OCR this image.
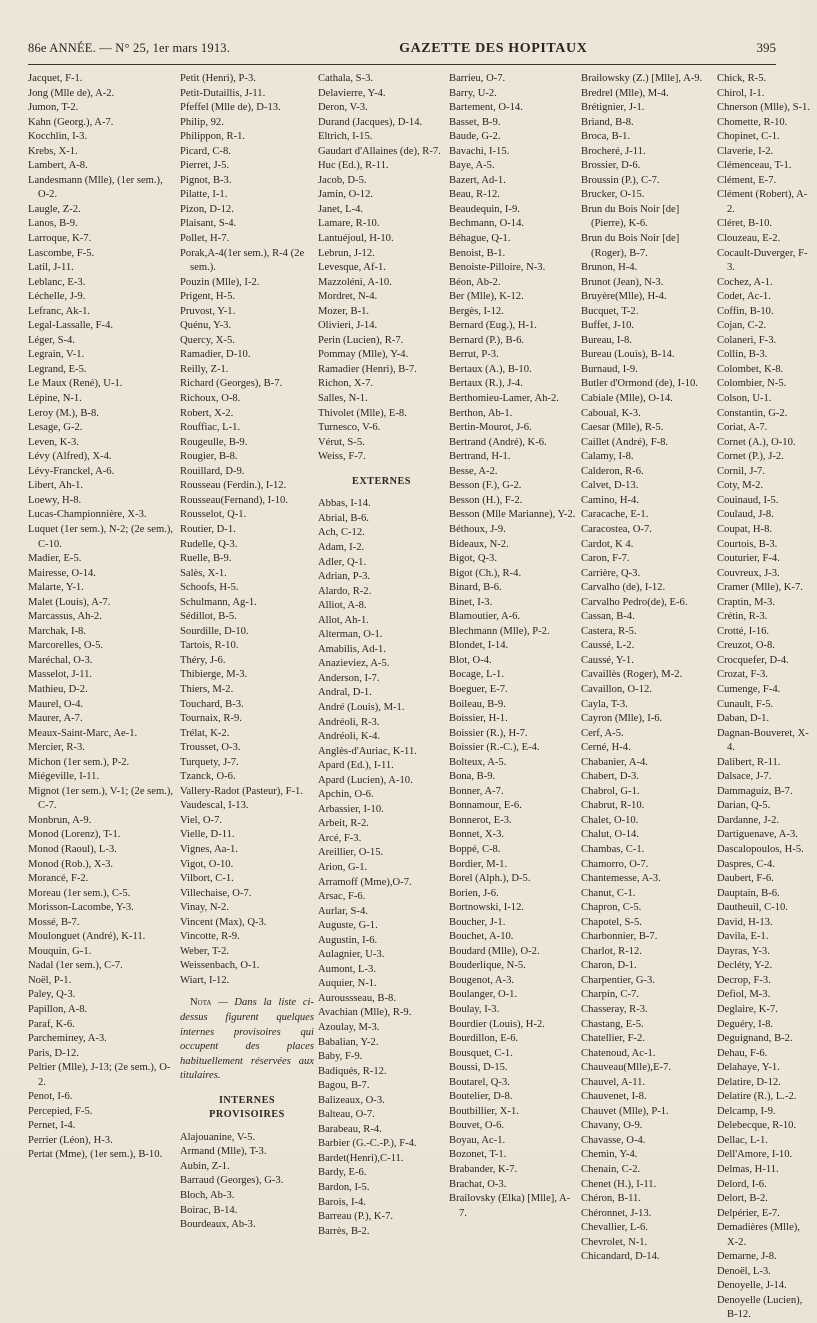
86e ANNÉE. — N° 25, 1er mars 1913.	GAZETTE DES HOPITAUX	395
Jacquet, F-1.
Jong (Mlle de), A-2.
Jumon, T-2.
Kahn (Georg.), A-7.
Kocchlin, I-3.
Krebs, X-1.
Lambert, A-8.
Landesmann (Mlle), (1er sem.), O-2.
Laugle, Z-2.
Lanos, B-9.
Larroque, K-7.
Lascombe, F-5.
Latil, J-11.
Leblanc, E-3.
Léchelle, J-9.
Lefranc, Ak-1.
Legal-Lassalle, F-4.
Léger, S-4.
Legrain, V-1.
Legrand, E-5.
Le Maux (René), U-1.
Lépine, N-1.
Leroy (M.), B-8.
Lesage, G-2.
Leven, K-3.
Lévy (Alfred), X-4.
Lévy-Franckel, A-6.
Libert, Ah-1.
Loewy, H-8.
Lucas-Championnière, X-3.
Luquet (1er sem.), N-2; (2e sem.), C-10.
Madier, E-5.
Mairesse, O-14.
Malarte, Y-1.
Malet (Louis), A-7.
Marcassus, Ah-2.
Marchak, I-8.
Marcorelles, O-5.
Maréchal, O-3.
Masselot, J-11.
Mathieu, D-2.
Maurel, O-4.
Maurer, A-7.
Meaux-Saint-Marc, Ae-1.
Mercier, R-3.
Michon (1er sem.), P-2.
Miégeville, I-11.
Mignot (1er sem.), V-1; (2e sem.), C-7.
Monbrun, A-9.
Monod (Lorenz), T-1.
Monod (Raoul), L-3.
Monod (Rob.), X-3.
Morancé, F-2.
Moreau (1er sem.), C-5.
Morisson-Lacombe, Y-3.
Mossé, B-7.
Moulonguet (André), K-11.
Mouquin, G-1.
Nadal (1er sem.), C-7.
Noël, P-1.
Paley, Q-3.
Papillon, A-8.
Paraf, K-6.
Parchemiпey, A-3.
Paris, D-12.
Peltier (Mlle), J-13; (2e sem.), O-2.
Penot, I-6.
Percepied, F-5.
Pernet, I-4.
Perrier (Léon), H-3.
Pertat (Mme), (1er sem.), B-10.
Petit (Henri), P-3.
Petit-Dutaillis, J-11.
Pfeffel (Mlle de), D-13.
Philip, 92.
Philippon, R-1.
Picard, C-8.
Pierret, J-5.
Pignot, B-3.
Pilatte, I-1.
Pizon, D-12.
Plaisant, S-4.
Pollet, H-7.
Porak,A-4(1er sem.), R-4 (2e sem.).
Pouzin (Mlle), I-2.
Prigent, H-5.
Pruvost, Y-1.
Quénu, Y-3.
Quercy, X-5.
Ramadier, D-10.
Reilly, Z-1.
Richard (Georges), B-7.
Richoux, O-8.
Robert, X-2.
Rouffiac, L-1.
Rougeulle, B-9.
Rougier, B-8.
Rouillard, D-9.
Rousseau (Ferdin.), I-12.
Rousseau(Fernand), I-10.
Rousselot, Q-1.
Routier, D-1.
Rudelle, Q-3.
Ruelle, B-9.
Salès, X-1.
Schoofs, H-5.
Schulmann, Ag-1.
Sédillot, B-5.
Sourdille, D-10.
Tartois, R-10.
Théry, J-6.
Thibierge, M-3.
Thiers, M-2.
Touchard, B-3.
Tournaix, R-9.
Trélat, K-2.
Trousset, O-3.
Turquety, J-7.
Tzanck, O-6.
Vallery-Radot (Pasteur), F-1.
Vaudescal, I-13.
Viel, O-7.
Vielle, D-11.
Vignes, Aa-1.
Vigot, O-10.
Vilbort, C-1.
Villechaise, O-7.
Vinay, N-2.
Vincent (Max), Q-3.
Vincotte, R-9.
Weber, T-2.
Weissenbach, O-1.
Wiart, I-12.
Nota — Dans la liste ci-dessus figurent quelques internes provisoires qui occupent des places habituellement réservées aux titulaires.
INTERNES PROVISOIRES
Alajouanine, V-5.
Armand (Mlle), T-3.
Aubin, Z-1.
Barraud (Georges), G-3.
Bloch, Ab-3.
Boirac, B-14.
Bourdeaux, Ab-3.
Cathala, S-3.
Delavierre, Y-4.
Deron, V-3.
Durand (Jacques), D-14.
Eltrich, I-15.
Gaudart d'Allaines (de), R-7.
Huc (Ed.), R-11.
Jacob, D-5.
Jamin, O-12.
Janet, L-4.
Lamare, R-10.
Lantuéjoul, H-10.
Lebrun, J-12.
Levesque, Af-1.
Mazzoléni, A-10.
Mordret, N-4.
Mozer, B-1.
Olivieri, J-14.
Perin (Lucien), R-7.
Pommay (Mlle), Y-4.
Ramadier (Henri), B-7.
Richon, X-7.
Salles, N-1.
Thivolet (Mlle), E-8.
Turnesco, V-6.
Vérut, S-5.
Weiss, F-7.
EXTERNES
Abbas, I-14.
Abrial, B-6.
Ach, C-12.
Adam, I-2.
Adler, Q-1.
Adrian, P-3.
Alardo, R-2.
Alliot, A-8.
Allot, Ah-1.
Alterman, O-1.
Amabilis, Ad-1.
Anazieviez, A-5.
Anderson, I-7.
Andral, D-1.
André (Louis), M-1.
Andréoli, R-3.
Andréoli, K-4.
Anglès-d'Auriac, K-11.
Apard (Ed.), I-11.
Apard (Lucien), A-10.
Apchin, O-6.
Arbassier, I-10.
Arbeit, R-2.
Arcé, F-3.
Areillier, O-15.
Arion, G-1.
Arramoff (Mme),O-7.
Arsac, F-6.
Aurlar, S-4.
Auguste, G-1.
Augustin, I-6.
Aulagnier, U-3.
Aumont, L-3.
Auquier, N-1.
Auroussseau, B-8.
Avachian (Mlle), R-9.
Azoulay, M-3.
Babalian, Y-2.
Baby, F-9.
Badiqués, R-12.
Bagou, B-7.
Balizeaux, O-3.
Balteau, O-7.
Barabeau, R-4.
Barbier (G.-C.-P.), F-4.
Bardet(Henri),C-11.
Bardy, E-6.
Bardon, I-5.
Barois, I-4.
Barreau (P.), K-7.
Barrès, B-2.
Barrieu, O-7.
Barry, U-2.
Bartement, O-14.
Basset, B-9.
Baude, G-2.
Bavachi, I-15.
Baye, A-5.
Bazert, Ad-1.
Beau, R-12.
Beaudequin, I-9.
Bechmann, O-14.
Béhague, Q-1.
Benoist, B-1.
Benoiste-Pilloire, N-3.
Béon, Ab-2.
Ber (Mlle), K-12.
Bergès, I-12.
Bernard (Eug.), H-1.
Bernard (P.), B-6.
Berrut, P-3.
Bertaux (A.), B-10.
Bertaux (R.), J-4.
Berthomieu-Lamer, Ah-2.
Berthon, Ab-1.
Bertin-Mourot, J-6.
Bertrand (André), K-6.
Bertrand, H-1.
Besse, A-2.
Besson (F.), G-2.
Besson (H.), F-2.
Besson (Mlle Marianne), Y-2.
Béthoux, J-9.
Bideaux, N-2.
Bigot, Q-3.
Bigot (Ch.), R-4.
Binard, B-6.
Binet, I-3.
Blamoutier, A-6.
Blechmann (Mlle), P-2.
Blondet, I-14.
Blot, O-4.
Bocage, L-1.
Boeguer, E-7.
Boileau, B-9.
Boissier, H-1.
Boissier (R.), H-7.
Boissier (R.-C.), E-4.
Bolteux, A-5.
Bona, B-9.
Bonner, A-7.
Bonnamour, E-6.
Bonnerot, E-3.
Bonnet, X-3.
Boppé, C-8.
Bordier, M-1.
Borel (Alph.), D-5.
Borien, J-6.
Bortnowski, I-12.
Boucher, J-1.
Bouchet, A-10.
Boudard (Mlle), O-2.
Bouderlique, N-5.
Bougenot, A-3.
Boulanger, O-1.
Boulay, I-3.
Bourdier (Louis), H-2.
Bourdillon, E-6.
Bousquet, C-1.
Boussi, D-15.
Boutarel, Q-3.
Boutelier, D-8.
Boutbillier, X-1.
Bouvet, O-6.
Boyau, Ac-1.
Bozonet, T-1.
Brabander, K-7.
Brachat, O-3.
Brailovsky (Elka) [Mlle], A-7.
Brailowsky (Z.) [Mlle], A-9.
Bredrel (Mlle), M-4.
Brétignier, J-1.
Briand, B-8.
Broca, B-1.
Brocheré, J-11.
Brossier, D-6.
Broussin (P.), C-7.
Brucker, O-15.
Brun du Bois Noir [de] (Pierre), K-6.
Brun du Bois Noir [de] (Roger), B-7.
Brunon, H-4.
Brunot (Jean), N-3.
Bruyère(Mlle), H-4.
Bucquet, T-2.
Buffet, J-10.
Bureau, I-8.
Bureau (Louis), B-14.
Burnaud, I-9.
Butler d'Ormond (de), I-10.
Cabiale (Mlle), O-14.
Caboual, K-3.
Caesar (Mlle), R-5.
Caillet (André), F-8.
Calamy, I-8.
Calderon, R-6.
Calvet, D-13.
Camino, H-4.
Caracache, E-1.
Caracostea, O-7.
Cardot, K 4.
Caron, F-7.
Carrière, Q-3.
Carvalho (de), I-12.
Carvalho Pedro(de), E-6.
Cassan, B-4.
Castera, R-5.
Caussé, L-2.
Caussé, Y-1.
Cavaillès (Roger), M-2.
Cavaillon, O-12.
Cayla, T-3.
Cayron (Mlle), I-6.
Cerf, A-5.
Cerné, H-4.
Chabanier, A-4.
Chabert, D-3.
Chabrol, G-1.
Chabrut, R-10.
Chalet, O-10.
Chalut, O-14.
Chambas, C-1.
Chamorro, O-7.
Chantemesse, A-3.
Chanut, C-1.
Chapron, C-5.
Chapotel, S-5.
Charbonnier, B-7.
Charlot, R-12.
Charon, D-1.
Charpentier, G-3.
Charpin, C-7.
Chasseray, R-3.
Chastang, E-5.
Chatellier, F-2.
Chatenoud, Ac-1.
Chauveau(Mlle),E-7.
Chauvel, A-11.
Chauvenet, I-8.
Chauvet (Mlle), P-1.
Chavany, O-9.
Chavasse, O-4.
Chemin, Y-4.
Chenain, C-2.
Chenet (H.), I-11.
Chéron, B-11.
Chéronnet, J-13.
Chevallier, L-6.
Chevrolet, N-1.
Chicandard, D-14.
Chick, R-5.
Chirol, I-1.
Chnerson (Mlle), S-1.
Chomette, R-10.
Chopinet, C-1.
Claverie, I-2.
Clémenceau, T-1.
Clément, E-7.
Clément (Robert), A-2.
Cléret, B-10.
Clouzeau, E-2.
Cocault-Duverger, F-3.
Cochez, A-1.
Codet, Ac-1.
Coffin, B-10.
Cojan, C-2.
Colaneri, F-3.
Collin, B-3.
Colombet, K-8.
Colombier, N-5.
Colson, U-1.
Constantin, G-2.
Coriat, A-7.
Cornet (A.), O-10.
Cornet (P.), J-2.
Cornil, J-7.
Coty, M-2.
Couinaud, I-5.
Coulaud, J-8.
Coupat, H-8.
Courtois, B-3.
Couturier, F-4.
Couvreux, J-3.
Cramer (Mlle), K-7.
Craptin, M-3.
Crétin, R-3.
Crotté, I-16.
Creuzot, O-8.
Crocquefer, D-4.
Crozat, F-3.
Cumenge, F-4.
Cunault, F-5.
Daban, D-1.
Dagnan-Bouveret, X-4.
Dalibert, R-11.
Dalsace, J-7.
Dammaguiz, B-7.
Darian, Q-5.
Dardanne, J-2.
Dartiguenave, A-3.
Dascalopoulos, H-5.
Daspres, C-4.
Daubert, F-6.
Dauptain, B-6.
Dautheuil, C-10.
David, H-13.
Davila, E-1.
Dayras, Y-3.
Decléty, Y-2.
Decrop, F-3.
Defiol, M-3.
Deglaire, K-7.
Deguéry, I-8.
Deguignand, B-2.
Dehau, F-6.
Delahaye, Y-1.
Delatire, D-12.
Delatire (R.), L.-2.
Delcamp, I-9.
Delebecque, R-10.
Dellac, L-1.
Dell'Amore, I-10.
Delmas, H-11.
Delord, I-6.
Delort, B-2.
Delpérier, E-7.
Demadières (Mlle), X-2.
Demarne, J-8.
Denoël, L-3.
Denoyelle, J-14.
Denoyelle (Lucien), B-12.
